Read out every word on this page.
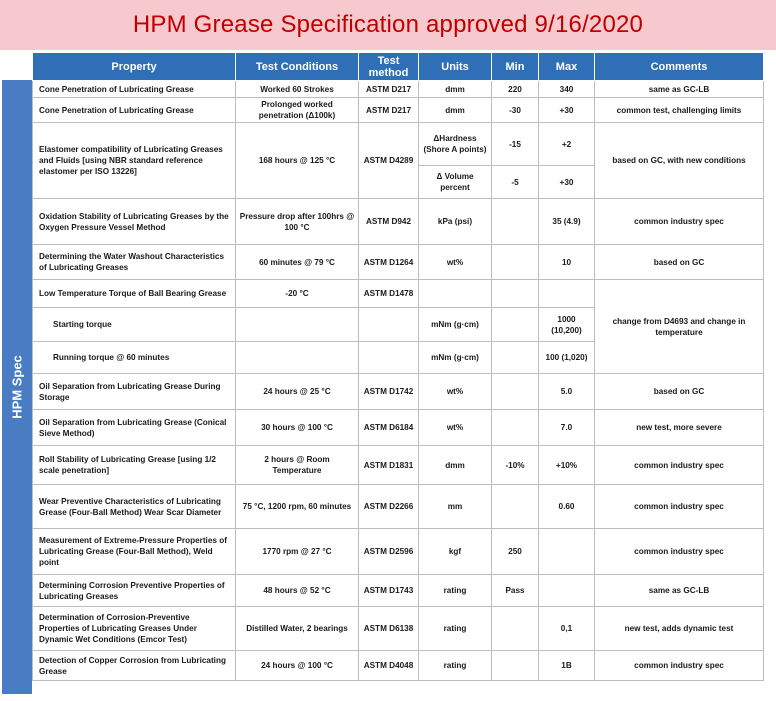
HPM Grease Specification approved 9/16/2020
HPM Spec
Property	Test Conditions	Test method	Units	Min	Max	Comments
Cone Penetration of Lubricating Grease	Worked 60 Strokes	ASTM D217	dmm	220	340	same as GC-LB
Cone Penetration of Lubricating Grease	Prolonged worked penetration (Δ100k)	ASTM D217	dmm	-30	+30	common test, challenging limits
Elastomer compatibility of Lubricating Greases and Fluids [using NBR standard reference elastomer per ISO 13226]	168 hours @ 125 °C	ASTM D4289	ΔHardness (Shore A points)	-15	+2	based on GC, with new conditions
			Δ Volume percent	-5	+30	
Oxidation Stability of Lubricating Greases by the Oxygen Pressure Vessel Method	Pressure drop after 100hrs @ 100 °C	ASTM D942	kPa (psi)		35 (4.9)	common industry spec
Determining the Water Washout Characteristics of Lubricating Greases	60 minutes @ 79 °C	ASTM D1264	wt%		10	based on GC
Low Temperature Torque of Ball Bearing Grease	-20 °C	ASTM D1478				change from D4693 and change in temperature
Starting torque			mNm (g·cm)		1000 (10,200)	
Running torque @ 60 minutes			mNm (g·cm)		100 (1,020)	
Oil Separation from Lubricating Grease During Storage	24 hours @ 25 °C	ASTM D1742	wt%		5.0	based on GC
Oil Separation from Lubricating Grease (Conical Sieve Method)	30 hours @ 100 °C	ASTM D6184	wt%		7.0	new test, more severe
Roll Stability of Lubricating Grease [using 1/2 scale penetration]	2 hours @ Room Temperature	ASTM D1831	dmm	-10%	+10%	common industry spec
Wear Preventive Characteristics of Lubricating Grease (Four-Ball Method) Wear Scar Diameter	75 °C, 1200 rpm, 60 minutes	ASTM D2266	mm		0.60	common industry spec
Measurement of Extreme-Pressure Properties of Lubricating Grease (Four-Ball Method), Weld point	1770 rpm @ 27 °C	ASTM D2596	kgf	250		common industry spec
Determining Corrosion Preventive Properties of Lubricating Greases	48 hours @ 52 °C	ASTM D1743	rating	Pass		same as GC-LB
Determination of Corrosion-Preventive Properties of Lubricating Greases Under Dynamic Wet Conditions (Emcor Test)	Distilled Water, 2 bearings	ASTM D6138	rating		0,1	new test, adds dynamic test
Detection of Copper Corrosion from Lubricating Grease	24 hours @ 100 °C	ASTM D4048	rating		1B	common industry spec
